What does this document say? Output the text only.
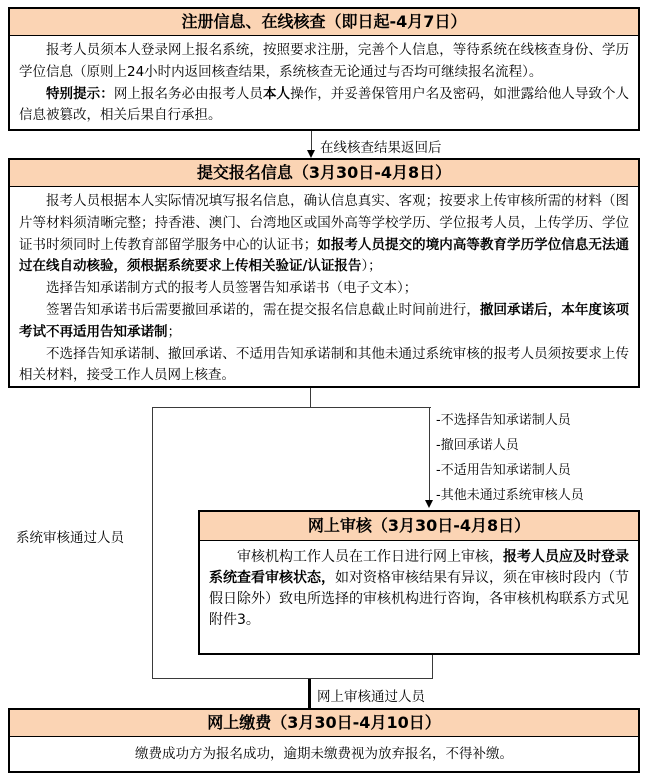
注册信息、在线核查（即日起-4月7日）

报考人员须本人登录网上报名系统，按照要求注册，完善个人信息，等待系统在线核查身份、学历学位信息（原则上24小时内返回核查结果，系统核查无论通过与否均可继续报名流程）。

特别提示：网上报名务必由报考人员本人操作，并妥善保管用户名及密码，如泄露给他人导致个人信息被篡改，相关后果自行承担。

在线核查结果返回后
提交报名信息（3月30日-4月8日）

报考人员根据本人实际情况填写报名信息，确认信息真实、客观；按要求上传审核所需的材料（图片等材料须清晰完整；持香港、澳门、台湾地区或国外高等学校学历、学位报考人员，上传学历、学位证书时须同时上传教育部留学服务中心的认证书；如报考人员提交的境内高等教育学历学位信息无法通过在线自动核验，须根据系统要求上传相关验证/认证报告）；

选择告知承诺制方式的报考人员签署告知承诺书（电子文本）；

签署告知承诺书后需要撤回承诺的，需在提交报名信息截止时间前进行，撤回承诺后，本年度该项考试不再适用告知承诺制；

不选择告知承诺制、撤回承诺、不适用告知承诺制和其他未通过系统审核的报考人员须按要求上传相关材料，接受工作人员网上核查。

-不选择告知承诺制人员
-撤回承诺人员
-不适用告知承诺制人员
-其他未通过系统审核人员
系统审核通过人员
网上审核（3月30日-4月8日）

审核机构工作人员在工作日进行网上审核，报考人员应及时登录系统查看审核状态，如对资格审核结果有异议，须在审核时段内（节假日除外）致电所选择的审核机构进行咨询，各审核机构联系方式见附件3。

网上审核通过人员
网上缴费（3月30日-4月10日）

缴费成功方为报名成功，逾期未缴费视为放弃报名，不得补缴。
